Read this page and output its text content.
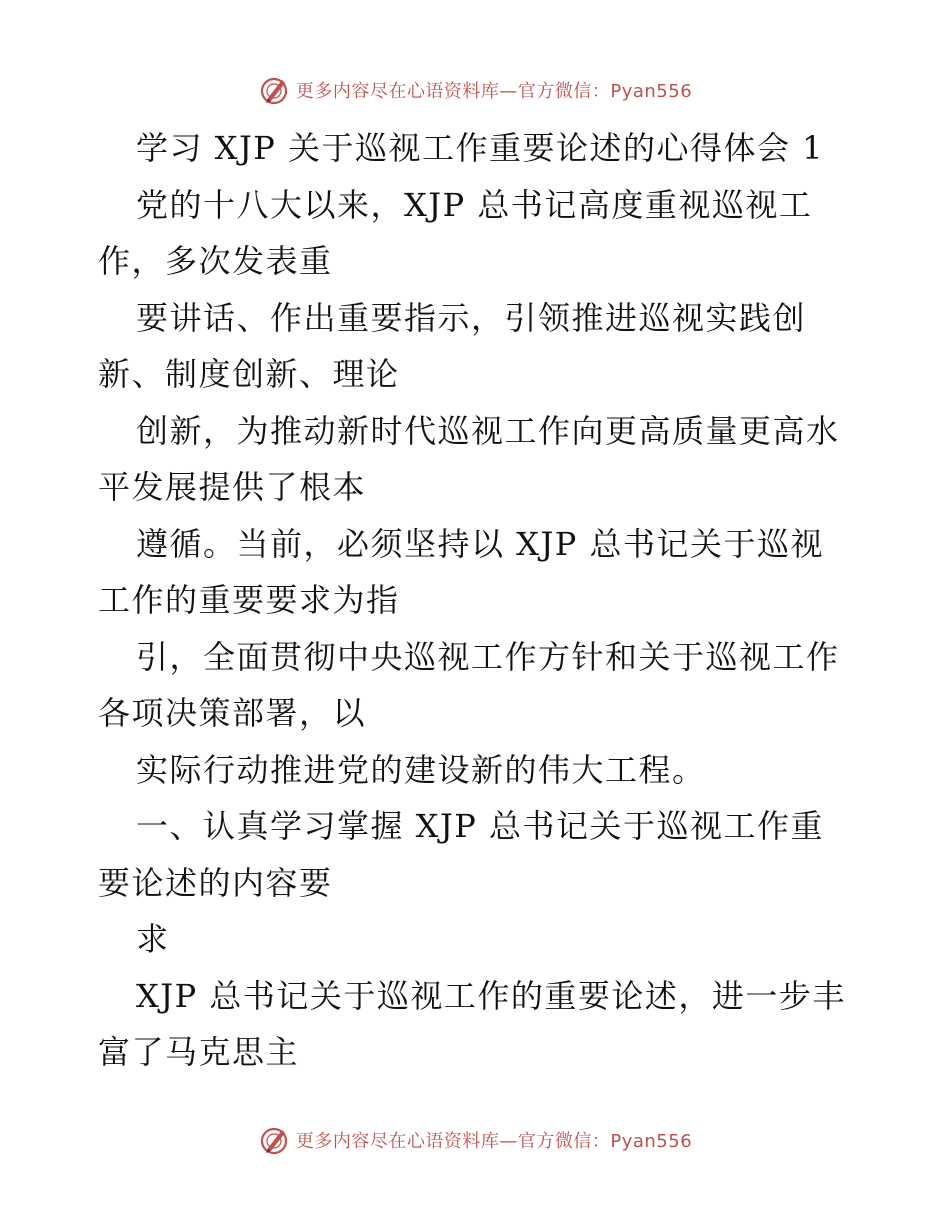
更多内容尽在心语资料库—官方微信：Pyan556
学习 XJP 关于巡视工作重要论述的心得体会 1
党的十八大以来，XJP 总书记高度重视巡视工
作，多次发表重
要讲话、作出重要指示，引领推进巡视实践创
新、制度创新、理论
创新，为推动新时代巡视工作向更高质量更高水
平发展提供了根本
遵循。当前，必须坚持以 XJP 总书记关于巡视
工作的重要要求为指
引，全面贯彻中央巡视工作方针和关于巡视工作
各项决策部署，以
实际行动推进党的建设新的伟大工程。
一、认真学习掌握 XJP 总书记关于巡视工作重
要论述的内容要
求
XJP 总书记关于巡视工作的重要论述，进一步丰
富了马克思主
更多内容尽在心语资料库—官方微信：Pyan556
